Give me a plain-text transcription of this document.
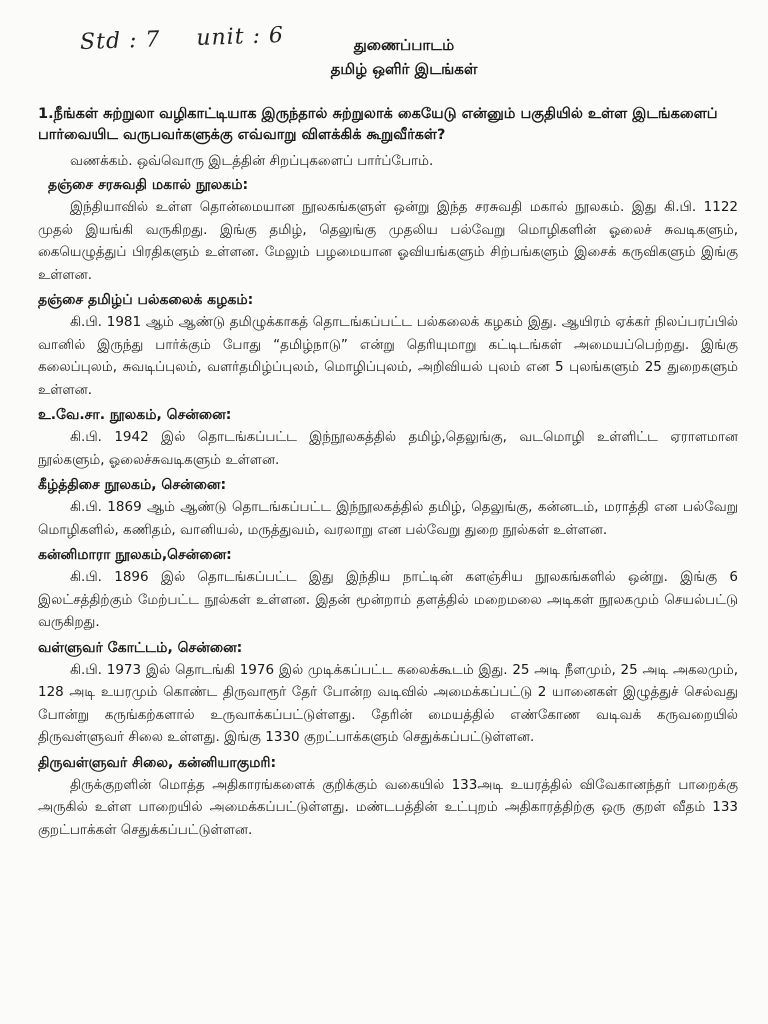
Std : 7 unit : 6	துணைப்பாடம்
தமிழ் ஒளிர் இடங்கள்
1.நீங்கள் சுற்றுலா வழிகாட்டியாக இருந்தால் சுற்றுலாக் கையேடு என்னும் பகுதியில் உள்ள இடங்களைப் பார்வையிட வருபவர்களுக்கு எவ்வாறு விளக்கிக் கூறுவீர்கள்?
வணக்கம். ஒவ்வொரு இடத்தின் சிறப்புகளைப் பார்ப்போம்.
தஞ்சை சரசுவதி மகால் நூலகம்:
இந்தியாவில் உள்ள தொன்மையான நூலகங்களுள் ஒன்று இந்த சரசுவதி மகால் நூலகம். இது கி.பி. 1122 முதல் இயங்கி வருகிறது. இங்கு தமிழ், தெலுங்கு முதலிய பல்வேறு மொழிகளின் ஓலைச் சுவடிகளும், கையெழுத்துப் பிரதிகளும் உள்ளன. மேலும் பழமையான ஓவியங்களும் சிற்பங்களும் இசைக் கருவிகளும் இங்கு உள்ளன.
தஞ்சை தமிழ்ப் பல்கலைக் கழகம்:
கி.பி. 1981 ஆம் ஆண்டு தமிழுக்காகத் தொடங்கப்பட்ட பல்கலைக் கழகம் இது. ஆயிரம் ஏக்கர் நிலப்பரப்பில் வானில் இருந்து பார்க்கும் போது “தமிழ்நாடு” என்று தெரியுமாறு கட்டிடங்கள் அமையப்பெற்றது. இங்கு கலைப்புலம், சுவடிப்புலம், வளர்தமிழ்ப்புலம், மொழிப்புலம், அறிவியல் புலம் என 5 புலங்களும் 25 துறைகளும் உள்ளன.
உ.வே.சா. நூலகம், சென்னை:
கி.பி. 1942 இல் தொடங்கப்பட்ட இந்நூலகத்தில் தமிழ்,தெலுங்கு, வடமொழி உள்ளிட்ட ஏராளமான நூல்களும், ஓலைச்சுவடிகளும் உள்ளன.
கீழ்த்திசை நூலகம், சென்னை:
கி.பி. 1869 ஆம் ஆண்டு தொடங்கப்பட்ட இந்நூலகத்தில் தமிழ், தெலுங்கு, கன்னடம், மராத்தி என பல்வேறு மொழிகளில், கணிதம், வானியல், மருத்துவம், வரலாறு என பல்வேறு துறை நூல்கள் உள்ளன.
கன்னிமாரா நூலகம்,சென்னை:
கி.பி. 1896 இல் தொடங்கப்பட்ட இது இந்திய நாட்டின் களஞ்சிய நூலகங்களில் ஒன்று. இங்கு 6 இலட்சத்திற்கும் மேற்பட்ட நூல்கள் உள்ளன. இதன் மூன்றாம் தளத்தில் மறைமலை அடிகள் நூலகமும் செயல்பட்டு வருகிறது.
வள்ளுவர் கோட்டம், சென்னை:
கி.பி. 1973 இல் தொடங்கி 1976 இல் முடிக்கப்பட்ட கலைக்கூடம் இது. 25 அடி நீளமும், 25 அடி அகலமும், 128 அடி உயரமும் கொண்ட திருவாரூர் தேர் போன்ற வடிவில் அமைக்கப்பட்டு 2 யானைகள் இழுத்துச் செல்வது போன்று கருங்கற்களால் உருவாக்கப்பட்டுள்ளது. தேரின் மையத்தில் எண்கோண வடிவக் கருவறையில் திருவள்ளுவர் சிலை உள்ளது. இங்கு 1330 குறட்பாக்களும் செதுக்கப்பட்டுள்ளன.
திருவள்ளுவர் சிலை, கன்னியாகுமரி:
திருக்குறளின் மொத்த அதிகாரங்களைக் குறிக்கும் வகையில் 133அடி உயரத்தில் விவேகானந்தர் பாறைக்கு அருகில் உள்ள பாறையில் அமைக்கப்பட்டுள்ளது. மண்டபத்தின் உட்புறம் அதிகாரத்திற்கு ஒரு குறள் வீதம் 133 குறட்பாக்கள் செதுக்கப்பட்டுள்ளன.
